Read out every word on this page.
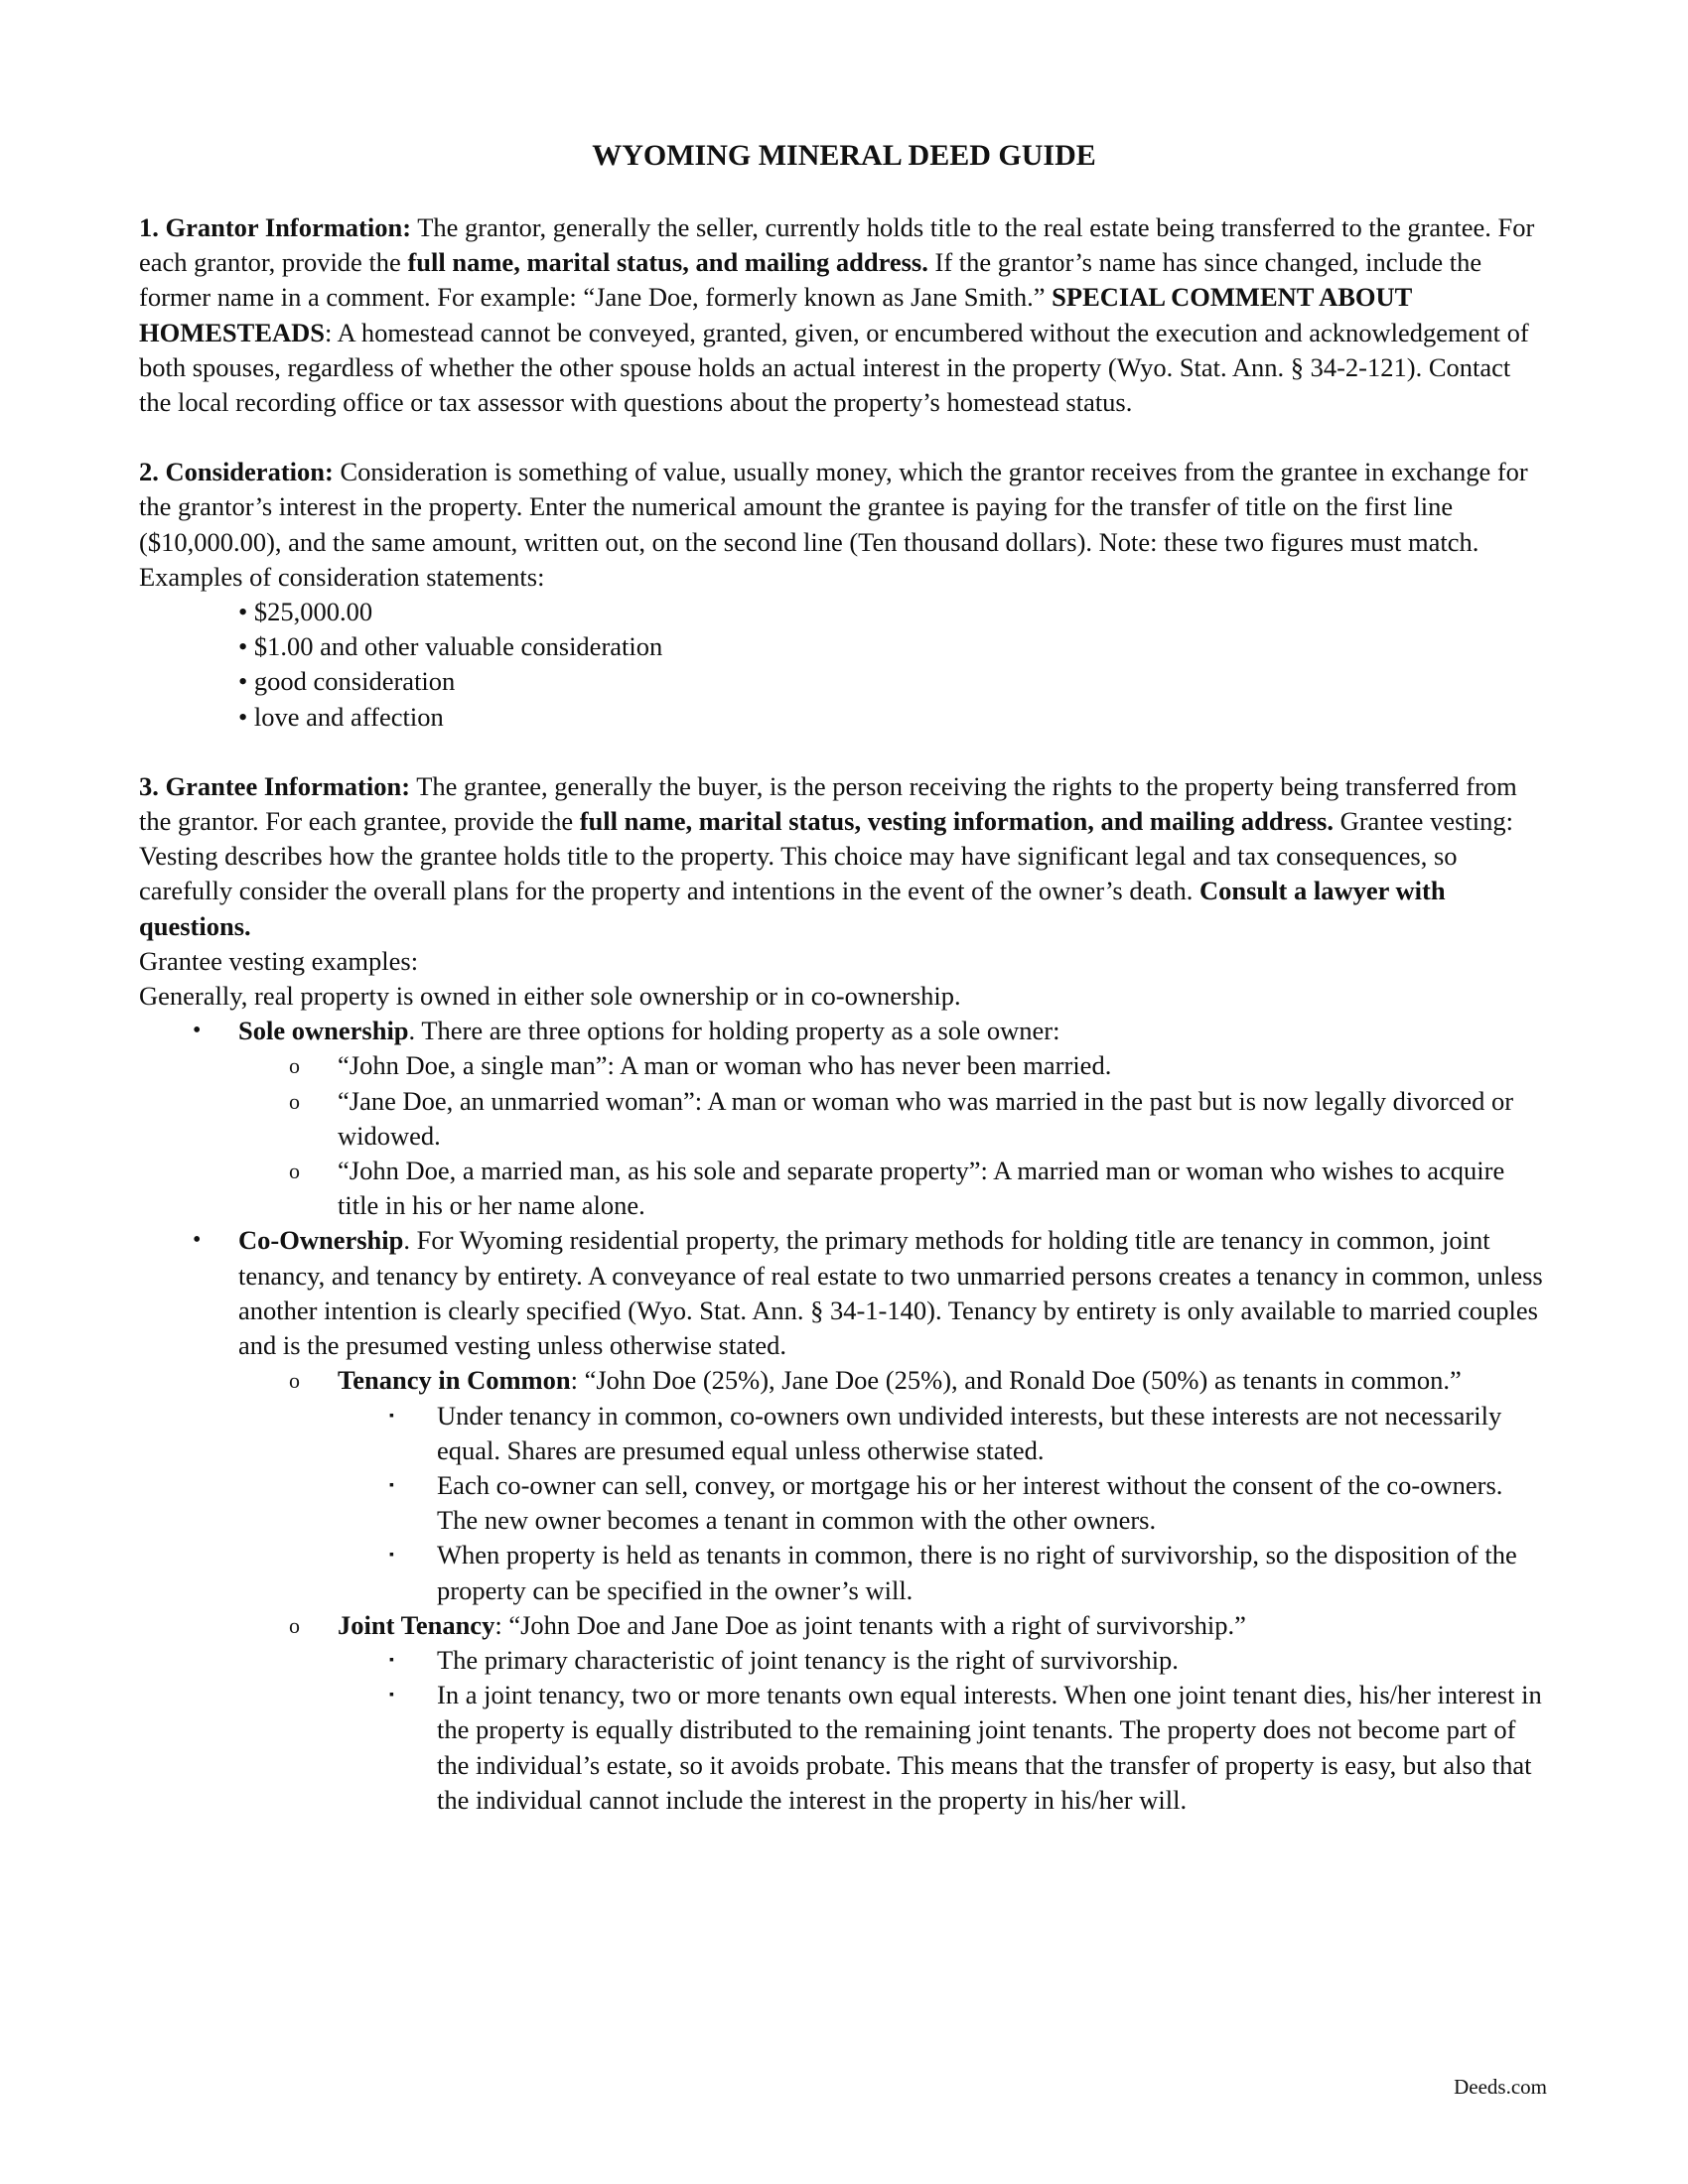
WYOMING MINERAL DEED GUIDE

1. Grantor Information: The grantor, generally the seller, currently holds title to the real estate being transferred to the grantee. For each grantor, provide the full name, marital status, and mailing address. If the grantor’s name has since changed, include the former name in a comment. For example: “Jane Doe, formerly known as Jane Smith.” SPECIAL COMMENT ABOUT HOMESTEADS: A homestead cannot be conveyed, granted, given, or encumbered without the execution and acknowledgement of both spouses, regardless of whether the other spouse holds an actual interest in the property (Wyo. Stat. Ann. § 34-2-121). Contact the local recording office or tax assessor with questions about the property’s homestead status.

2. Consideration: Consideration is something of value, usually money, which the grantor receives from the grantee in exchange for the grantor’s interest in the property. Enter the numerical amount the grantee is paying for the transfer of title on the first line ($10,000.00), and the same amount, written out, on the second line (Ten thousand dollars). Note: these two figures must match.

Examples of consideration statements:

• $25,000.00

• $1.00 and other valuable consideration

• good consideration

• love and affection

3. Grantee Information: The grantee, generally the buyer, is the person receiving the rights to the property being transferred from the grantor. For each grantee, provide the full name, marital status, vesting information, and mailing address. Grantee vesting: Vesting describes how the grantee holds title to the property. This choice may have significant legal and tax consequences, so carefully consider the overall plans for the property and intentions in the event of the owner’s death. Consult a lawyer with questions.

Grantee vesting examples:

Generally, real property is owned in either sole ownership or in co-ownership.

• Sole ownership. There are three options for holding property as a sole owner:
o “John Doe, a single man”: A man or woman who has never been married.
o “Jane Doe, an unmarried woman”: A man or woman who was married in the past but is now legally divorced or widowed.
o “John Doe, a married man, as his sole and separate property”: A married man or woman who wishes to acquire title in his or her name alone.
• Co-Ownership. For Wyoming residential property, the primary methods for holding title are tenancy in common, joint tenancy, and tenancy by entirety. A conveyance of real estate to two unmarried persons creates a tenancy in common, unless another intention is clearly specified (Wyo. Stat. Ann. § 34-1-140). Tenancy by entirety is only available to married couples and is the presumed vesting unless otherwise stated.
o Tenancy in Common: “John Doe (25%), Jane Doe (25%), and Ronald Doe (50%) as tenants in common.”
▪ Under tenancy in common, co-owners own undivided interests, but these interests are not necessarily equal. Shares are presumed equal unless otherwise stated.
▪ Each co-owner can sell, convey, or mortgage his or her interest without the consent of the co-owners. The new owner becomes a tenant in common with the other owners.
▪ When property is held as tenants in common, there is no right of survivorship, so the disposition of the property can be specified in the owner’s will.
o Joint Tenancy: “John Doe and Jane Doe as joint tenants with a right of survivorship.”
▪ The primary characteristic of joint tenancy is the right of survivorship.
▪ In a joint tenancy, two or more tenants own equal interests. When one joint tenant dies, his/her interest in the property is equally distributed to the remaining joint tenants. The property does not become part of the individual’s estate, so it avoids probate. This means that the transfer of property is easy, but also that the individual cannot include the interest in the property in his/her will.
Deeds.com
